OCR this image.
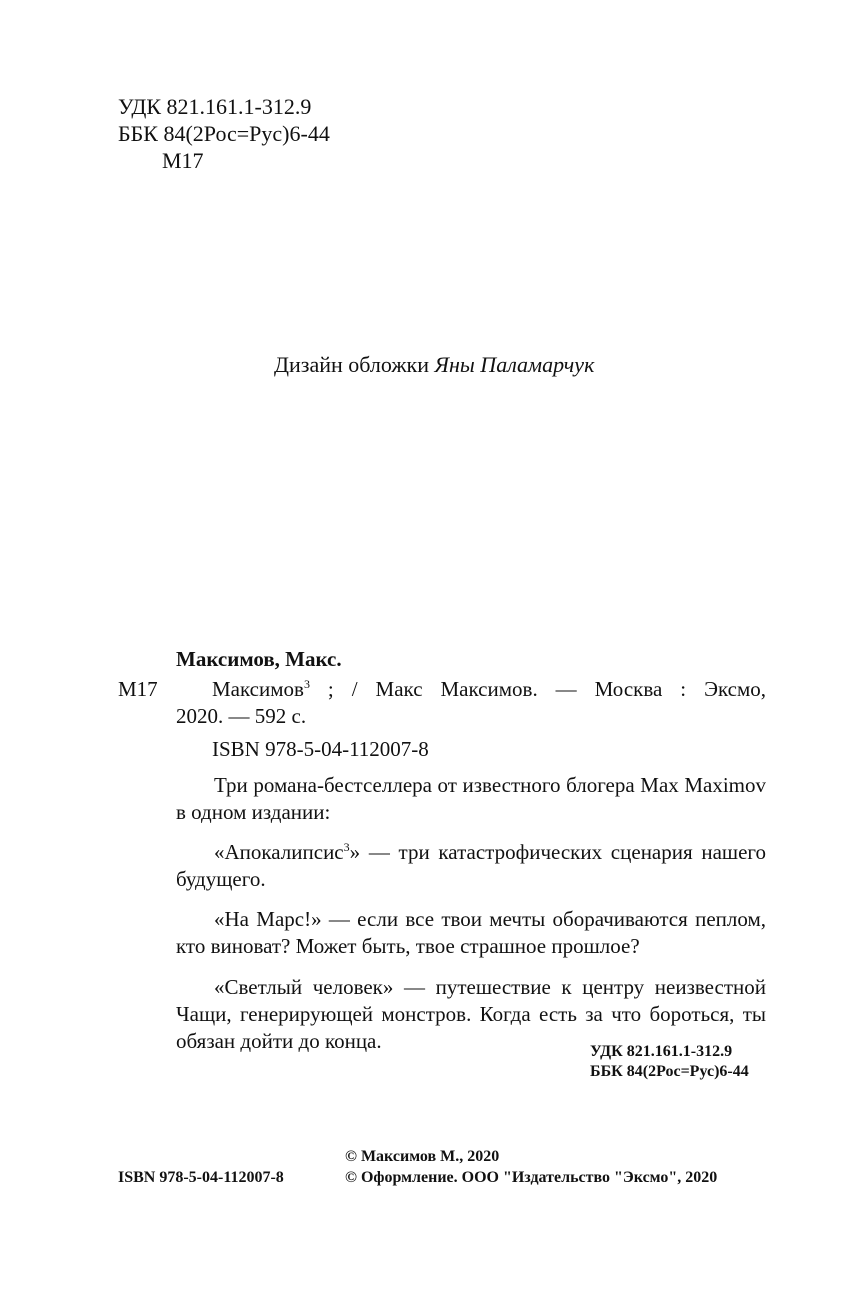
УДК 821.161.1-312.9
ББК 84(2Рос=Рус)6-44
М17
Дизайн обложки Яны Паламарчук
Максимов, Макс.
М17	Максимов$^3$ ; / Макс Максимов. — Москва : Эксмо,
2020. — 592 с.
ISBN 978-5-04-112007-8
Три романа-бестселлера от известного блогера Max Maximov в одном издании:
«Апокалипсис$^3$» — три катастрофических сценария нашего будущего.
«На Марс!» — если все твои мечты оборачиваются пеплом, кто виноват? Может быть, твое страшное прошлое?
«Светлый человек» — путешествие к центру неизвестной Чащи, генерирующей монстров. Когда есть за что бороться, ты обязан дойти до конца.	УДК 821.161.1-312.9
ББК 84(2Рос=Рус)6-44
© Максимов М., 2020
ISBN 978-5-04-112007-8	© Оформление. ООО "Издательство "Эксмо", 2020
